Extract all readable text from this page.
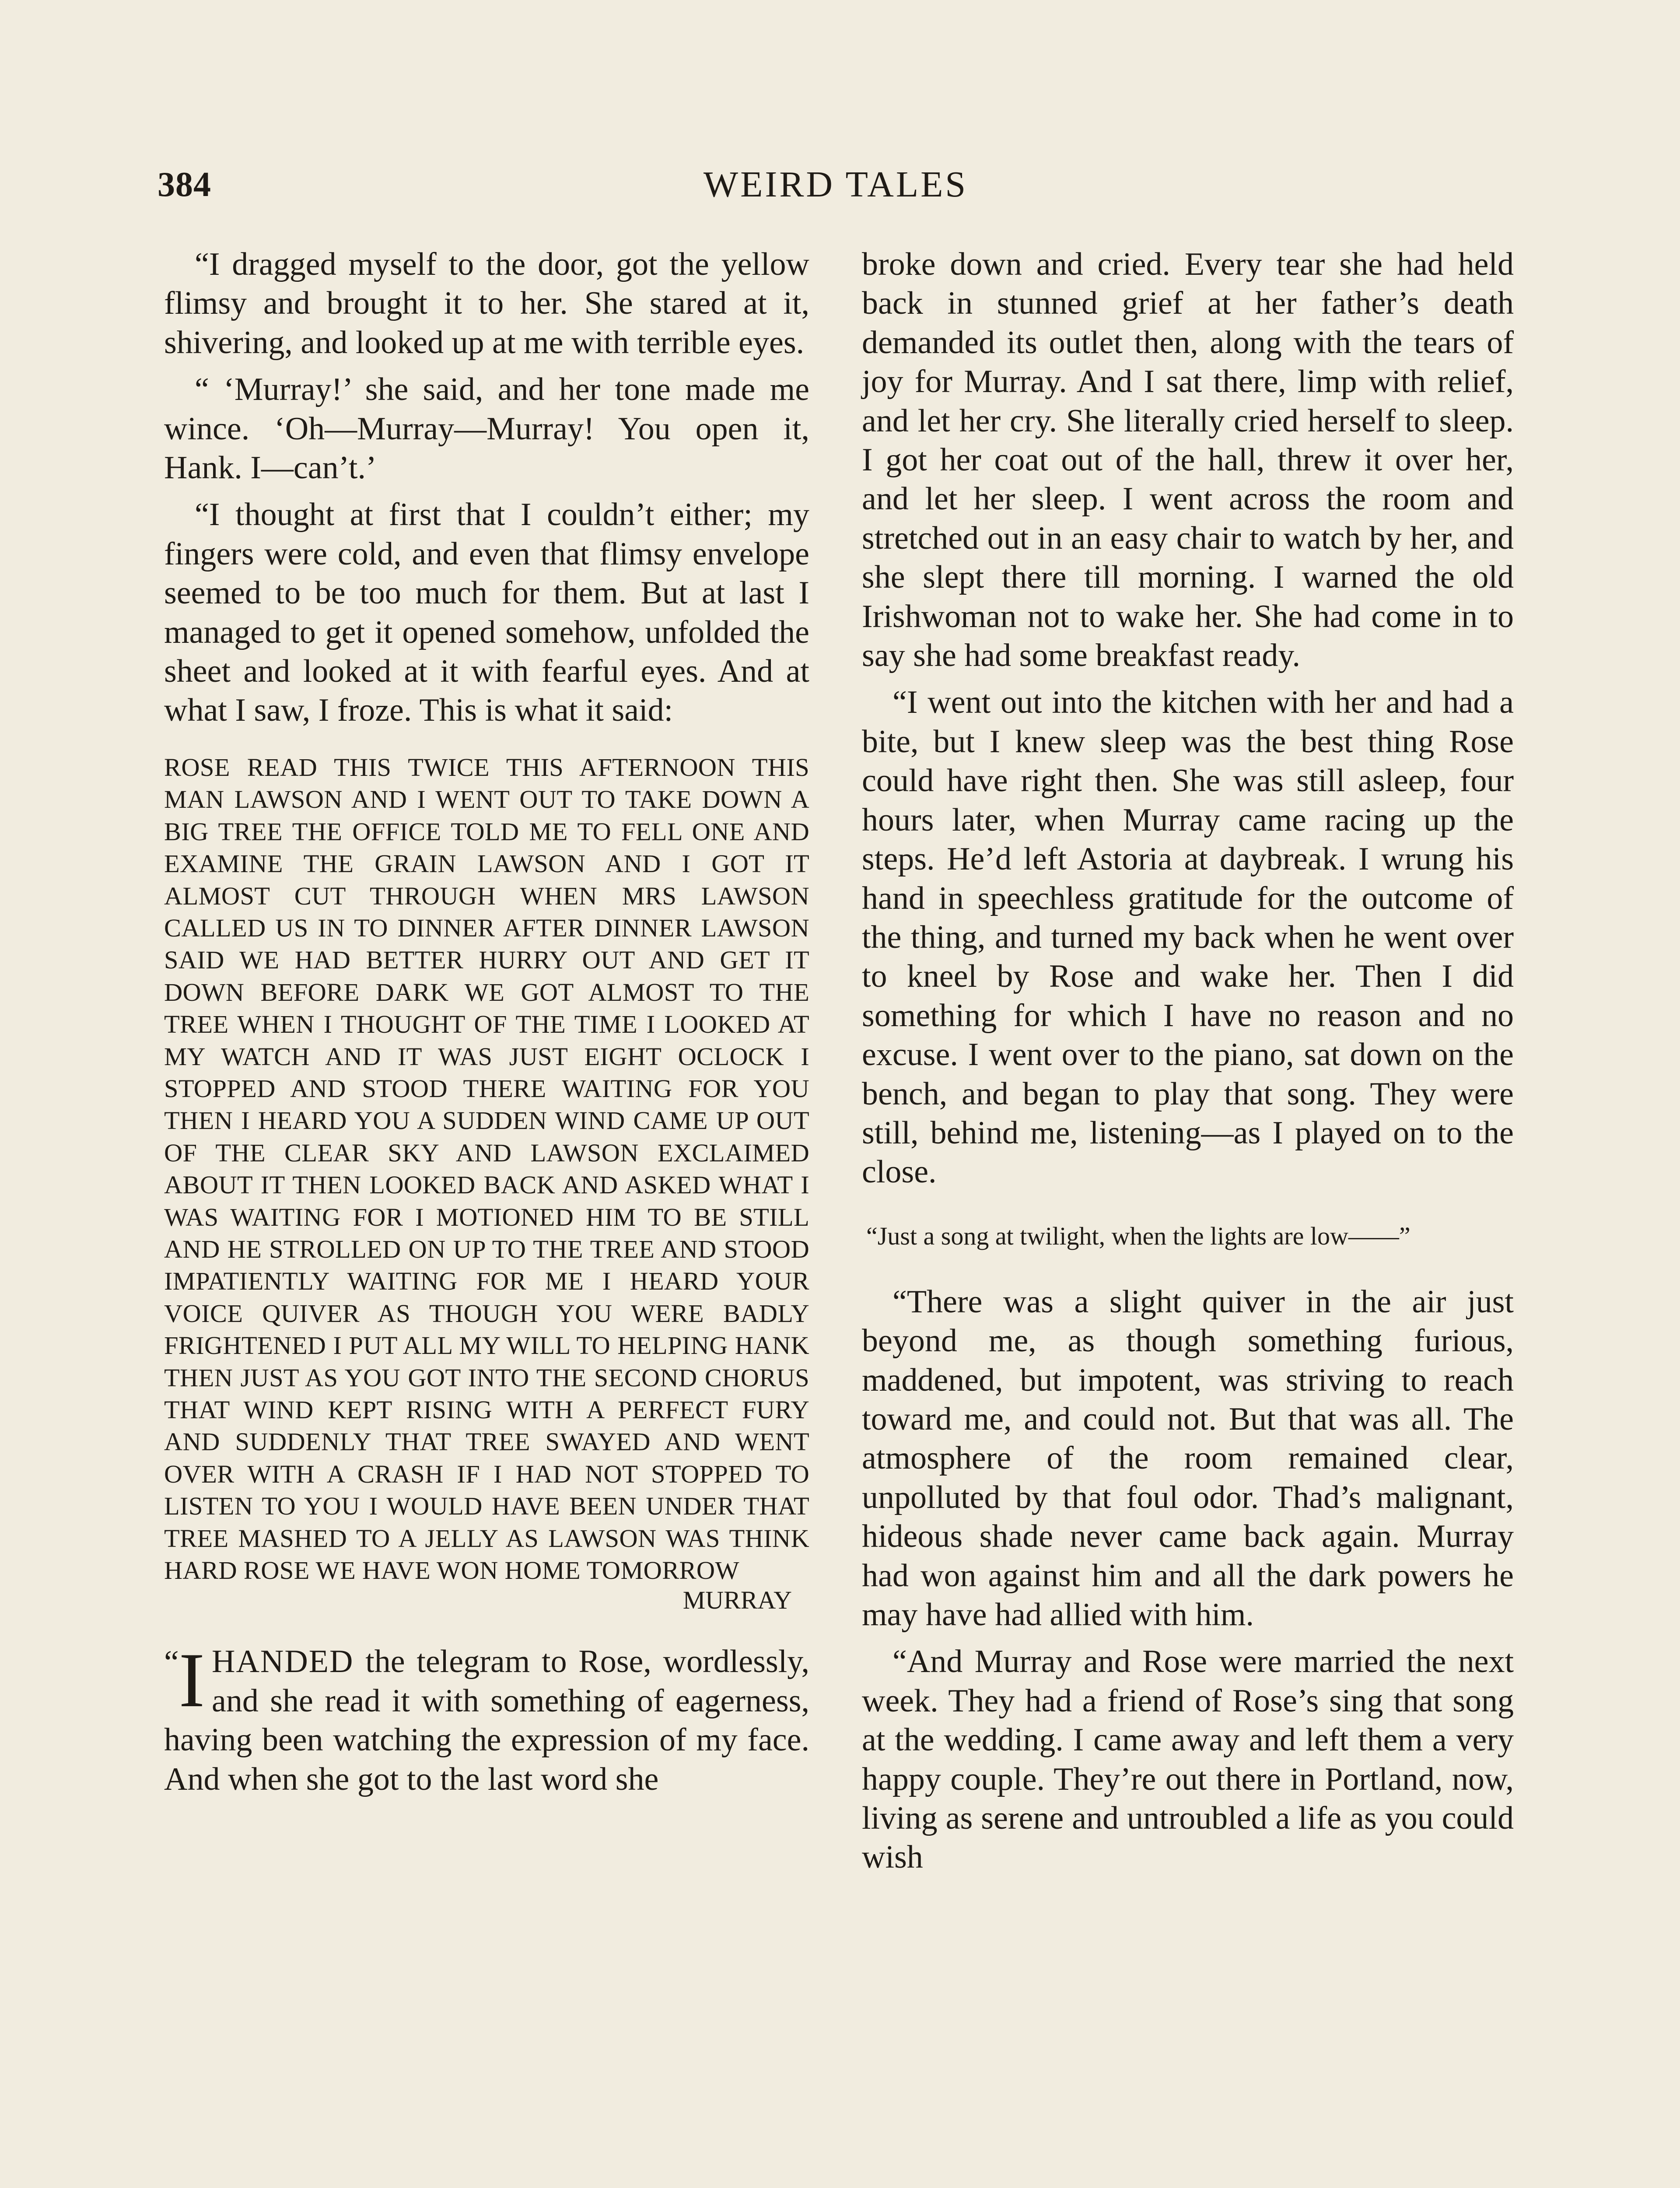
384	WEIRD TALES

“I dragged myself to the door, got the yellow flimsy and brought it to her. She stared at it, shivering, and looked up at me with terrible eyes.

“ ‘Murray!’ she said, and her tone made me wince. ‘Oh—Murray—Murray! You open it, Hank. I—can’t.’

“I thought at first that I couldn’t either; my fingers were cold, and even that flimsy envelope seemed to be too much for them. But at last I managed to get it opened somehow, unfolded the sheet and looked at it with fearful eyes. And at what I saw, I froze. This is what it said:

ROSE READ THIS TWICE THIS AFTERNOON THIS MAN LAWSON AND I WENT OUT TO TAKE DOWN A BIG TREE THE OFFICE TOLD ME TO FELL ONE AND EXAMINE THE GRAIN LAWSON AND I GOT IT ALMOST CUT THROUGH WHEN MRS LAWSON CALLED US IN TO DINNER AFTER DINNER LAWSON SAID WE HAD BETTER HURRY OUT AND GET IT DOWN BEFORE DARK WE GOT ALMOST TO THE TREE WHEN I THOUGHT OF THE TIME I LOOKED AT MY WATCH AND IT WAS JUST EIGHT OCLOCK I STOPPED AND STOOD THERE WAITING FOR YOU THEN I HEARD YOU A SUDDEN WIND CAME UP OUT OF THE CLEAR SKY AND LAWSON EXCLAIMED ABOUT IT THEN LOOKED BACK AND ASKED WHAT I WAS WAITING FOR I MOTIONED HIM TO BE STILL AND HE STROLLED ON UP TO THE TREE AND STOOD IMPATIENTLY WAITING FOR ME I HEARD YOUR VOICE QUIVER AS THOUGH YOU WERE BADLY FRIGHTENED I PUT ALL MY WILL TO HELPING HANK THEN JUST AS YOU GOT INTO THE SECOND CHORUS THAT WIND KEPT RISING WITH A PERFECT FURY AND SUDDENLY THAT TREE SWAYED AND WENT OVER WITH A CRASH IF I HAD NOT STOPPED TO LISTEN TO YOU I WOULD HAVE BEEN UNDER THAT TREE MASHED TO A JELLY AS LAWSON WAS THINK HARD ROSE WE HAVE WON HOME TOMORROW
MURRAY

“ I HANDED the telegram to Rose, wordlessly, and she read it with something of eagerness, having been watching the expression of my face. And when she got to the last word she

broke down and cried. Every tear she had held back in stunned grief at her father’s death demanded its outlet then, along with the tears of joy for Murray. And I sat there, limp with relief, and let her cry. She literally cried herself to sleep. I got her coat out of the hall, threw it over her, and let her sleep. I went across the room and stretched out in an easy chair to watch by her, and she slept there till morning. I warned the old Irishwoman not to wake her. She had come in to say she had some breakfast ready.

“I went out into the kitchen with her and had a bite, but I knew sleep was the best thing Rose could have right then. She was still asleep, four hours later, when Murray came racing up the steps. He’d left Astoria at daybreak. I wrung his hand in speechless gratitude for the outcome of the thing, and turned my back when he went over to kneel by Rose and wake her. Then I did something for which I have no reason and no excuse. I went over to the piano, sat down on the bench, and began to play that song. They were still, behind me, listening—as I played on to the close.

“Just a song at twilight, when the lights are low——”

“There was a slight quiver in the air just beyond me, as though something furious, maddened, but impotent, was striving to reach toward me, and could not. But that was all. The atmosphere of the room remained clear, unpolluted by that foul odor. Thad’s malignant, hideous shade never came back again. Murray had won against him and all the dark powers he may have had allied with him.

“And Murray and Rose were married the next week. They had a friend of Rose’s sing that song at the wedding. I came away and left them a very happy couple. They’re out there in Portland, now, living as serene and untroubled a life as you could wish
